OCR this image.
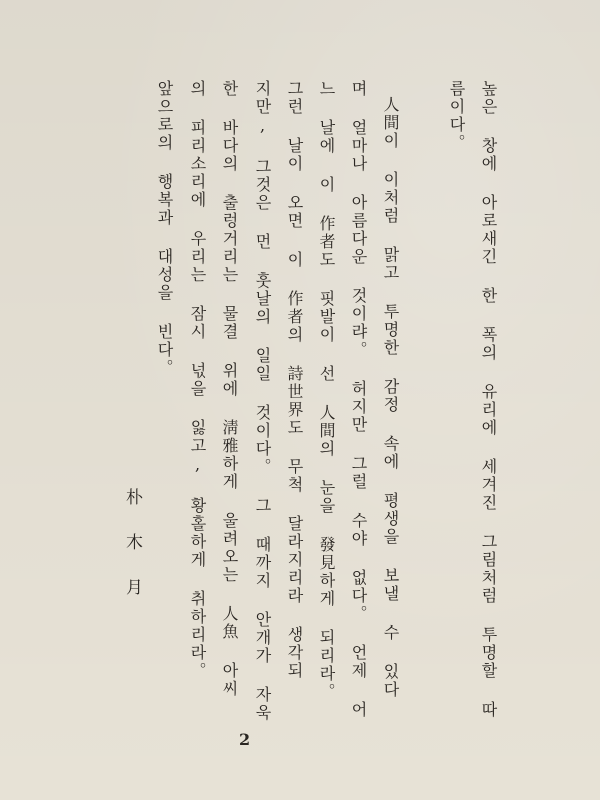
높은 창에 아로새긴 한 폭의 유리에 세겨진 그림처럼 투명할 따
름이다。
人間이 이처럼 맑고 투명한 감정 속에 평생을 보낼 수 있다
며 얼마나 아름다운 것이랴。 허지만 그럴 수야 없다。 언제 어
느 날에 이 作者도 핏발이 선 人間의 눈을 發見하게 되리라。
그런 날이 오면 이 作者의 詩世界도 무척 달라지리라 생각되
지만, 그것은 먼 훗날의 일일 것이다。 그 때까지 안개가 자욱
한 바다의 출렁거리는 물결 위에 淸雅하게 울려오는 人魚 아씨
의 피리소리에 우리는 잠시 넋을 잃고, 황홀하게 취하리라。
앞으로의 행복과 대성을 빈다。
朴木月
2
